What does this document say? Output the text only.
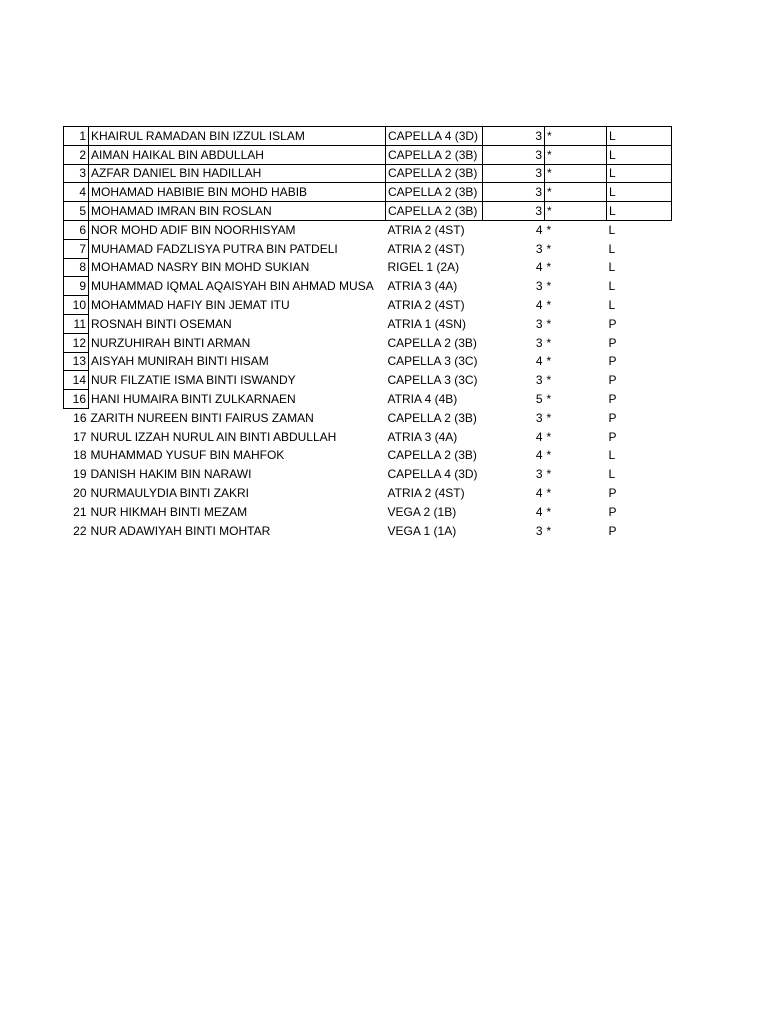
1	KHAIRUL RAMADAN BIN IZZUL ISLAM	CAPELLA 4 (3D)	3	*	L
2	AIMAN HAIKAL BIN ABDULLAH	CAPELLA 2 (3B)	3	*	L
3	AZFAR DANIEL BIN HADILLAH	CAPELLA 2 (3B)	3	*	L
4	MOHAMAD HABIBIE BIN MOHD HABIB	CAPELLA 2 (3B)	3	*	L
5	MOHAMAD IMRAN BIN ROSLAN	CAPELLA 2 (3B)	3	*	L
6	NOR MOHD ADIF BIN NOORHISYAM	ATRIA 2 (4ST)	4	*	L
7	MUHAMAD FADZLISYA PUTRA BIN PATDELI	ATRIA 2 (4ST)	3	*	L
8	MOHAMAD NASRY BIN MOHD SUKIAN	RIGEL 1 (2A)	4	*	L
9	MUHAMMAD IQMAL AQAISYAH BIN AHMAD MUSA	ATRIA 3 (4A)	3	*	L
10	MOHAMMAD HAFIY BIN JEMAT ITU	ATRIA 2 (4ST)	4	*	L
11	ROSNAH BINTI OSEMAN	ATRIA 1 (4SN)	3	*	P
12	NURZUHIRAH BINTI ARMAN	CAPELLA 2 (3B)	3	*	P
13	AISYAH MUNIRAH BINTI HISAM	CAPELLA 3 (3C)	4	*	P
14	NUR FILZATIE ISMA BINTI ISWANDY	CAPELLA 3 (3C)	3	*	P
16	HANI HUMAIRA BINTI ZULKARNAEN	ATRIA 4 (4B)	5	*	P
16	ZARITH NUREEN BINTI FAIRUS ZAMAN	CAPELLA 2 (3B)	3	*	P
17	NURUL IZZAH NURUL AIN BINTI ABDULLAH	ATRIA 3 (4A)	4	*	P
18	MUHAMMAD YUSUF BIN MAHFOK	CAPELLA 2 (3B)	4	*	L
19	DANISH HAKIM BIN NARAWI	CAPELLA 4 (3D)	3	*	L
20	NURMAULYDIA BINTI ZAKRI	ATRIA 2 (4ST)	4	*	P
21	NUR HIKMAH BINTI MEZAM	VEGA 2 (1B)	4	*	P
22	NUR ADAWIYAH BINTI MOHTAR	VEGA 1 (1A)	3	*	P
